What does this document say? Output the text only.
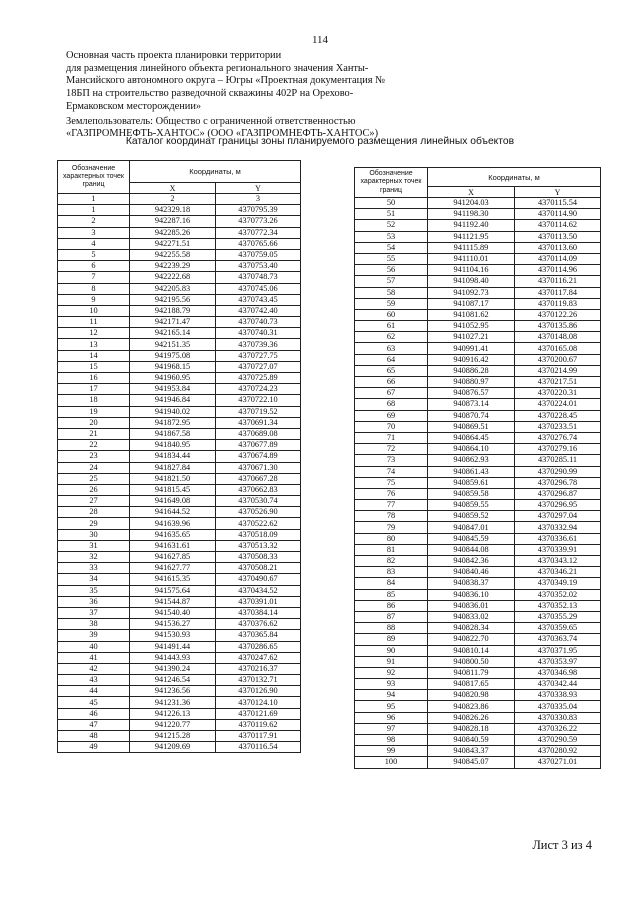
114
Основная часть проекта планировки территории
для размещения линейного объекта регионального значения Ханты-
Мансийского автономного округа – Югры «Проектная документация №
18БП на строительство разведочной скважины 402Р на Орехово-
Ермаковском месторождении»
Землепользователь: Общество с ограниченной ответственностью
«ГАЗПРОМНЕФТЬ-ХАНТОС» (ООО «ГАЗПРОМНЕФТЬ-ХАНТОС»)
Каталог координат границы зоны планируемого размещения линейных объектов
Обозначение характерных точек границ	Координаты, м	
	X	Y
1	2	3
1	942329.18	4370795.39
2	942287.16	4370773.26
3	942285.26	4370772.34
4	942271.51	4370765.66
5	942255.58	4370759.05
6	942239.29	4370753.40
7	942222.68	4370748.73
8	942205.83	4370745.06
9	942195.56	4370743.45
10	942188.79	4370742.40
11	942171.47	4370740.73
12	942165.14	4370740.31
13	942151.35	4370739.36
14	941975.08	4370727.75
15	941968.15	4370727.07
16	941960.95	4370725.89
17	941953.84	4370724.23
18	941946.84	4370722.10
19	941940.02	4370719.52
20	941872.95	4370691.34
21	941867.58	4370689.08
22	941840.95	4370677.89
23	941834.44	4370674.89
24	941827.84	4370671.30
25	941821.50	4370667.28
26	941815.45	4370662.83
27	941649.08	4370530.74
28	941644.52	4370526.90
29	941639.96	4370522.62
30	941635.65	4370518.09
31	941631.61	4370513.32
32	941627.85	4370508.33
33	941627.77	4370508.21
34	941615.35	4370490.67
35	941575.64	4370434.52
36	941544.87	4370391.01
37	941540.40	4370384.14
38	941536.27	4370376.62
39	941530.93	4370365.84
40	941491.44	4370286.65
41	941443.93	4370247.62
42	941390.24	4370216.37
43	941246.54	4370132.71
44	941236.56	4370126.90
45	941231.36	4370124.10
46	941226.13	4370121.69
47	941220.77	4370119.62
48	941215.28	4370117.91
49	941209.69	4370116.54
Обозначение характерных точек границ	Координаты, м	
	X	Y
50	941204.03	4370115.54
51	941198.30	4370114.90
52	941192.40	4370114.62
53	941121.95	4370113.50
54	941115.89	4370113.60
55	941110.01	4370114.09
56	941104.16	4370114.96
57	941098.40	4370116.21
58	941092.73	4370117.84
59	941087.17	4370119.83
60	941081.62	4370122.26
61	941052.95	4370135.86
62	941027.21	4370148.08
63	940991.41	4370165.08
64	940916.42	4370200.67
65	940886.28	4370214.99
66	940880.97	4370217.51
67	940876.57	4370220.31
68	940873.14	4370224.01
69	940870.74	4370228.45
70	940869.51	4370233.51
71	940864.45	4370276.74
72	940864.10	4370279.16
73	940862.93	4370285.11
74	940861.43	4370290.99
75	940859.61	4370296.78
76	940859.58	4370296.87
77	940859.55	4370296.95
78	940859.52	4370297.04
79	940847.01	4370332.94
80	940845.59	4370336.61
81	940844.08	4370339.91
82	940842.36	4370343.12
83	940840.46	4370346.21
84	940838.37	4370349.19
85	940836.10	4370352.02
86	940836.01	4370352.13
87	940833.02	4370355.29
88	940828.34	4370359.65
89	940822.70	4370363.74
90	940810.14	4370371.95
91	940800.50	4370353.97
92	940811.79	4370346.98
93	940817.65	4370342.44
94	940820.98	4370338.93
95	940823.86	4370335.04
96	940826.26	4370330.83
97	940828.18	4370326.22
98	940840.59	4370290.59
99	940843.37	4370280.92
100	940845.07	4370271.01
Лист 3 из 4
